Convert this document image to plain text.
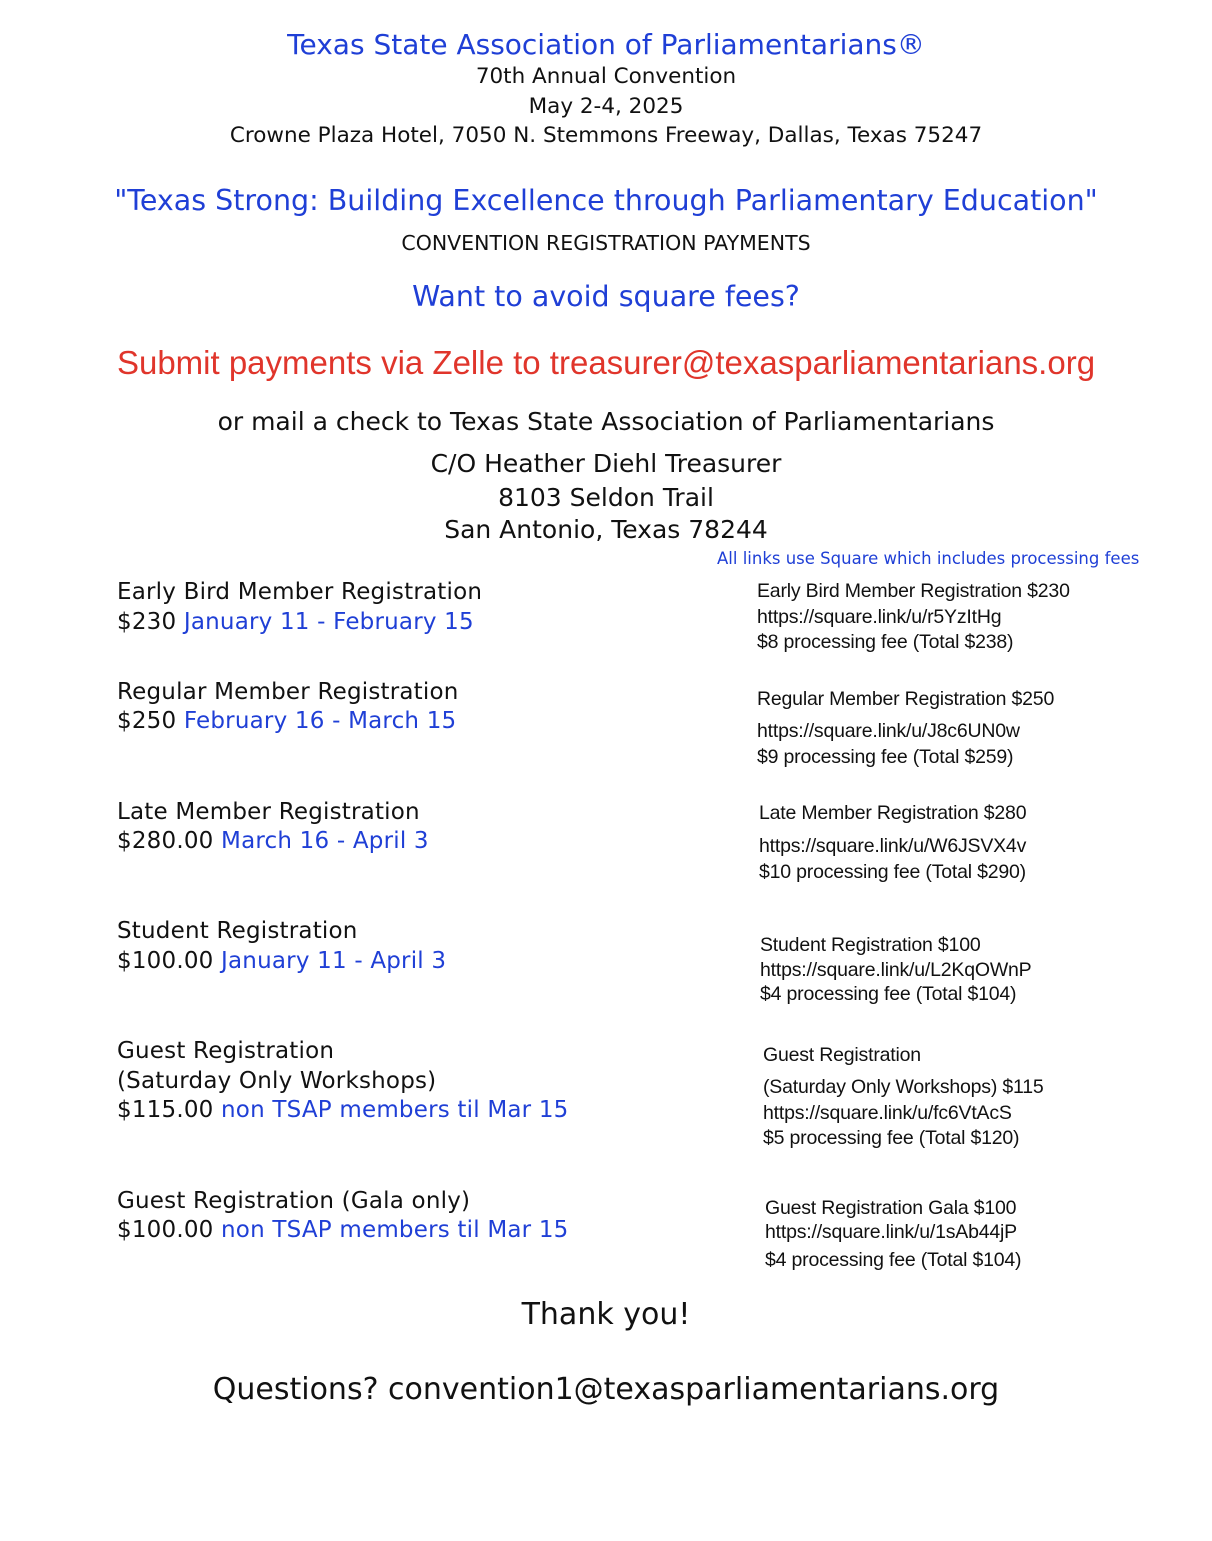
Texas State Association of Parliamentarians®
70th Annual Convention
May 2-4, 2025
Crowne Plaza Hotel, 7050 N. Stemmons Freeway, Dallas, Texas 75247
"Texas Strong: Building Excellence through Parliamentary Education"
CONVENTION REGISTRATION PAYMENTS
Want to avoid square fees?
Submit payments via Zelle to treasurer@texasparliamentarians.org
or mail a check to Texas State Association of Parliamentarians
C/O Heather Diehl Treasurer
8103 Seldon Trail
San Antonio, Texas 78244
All links use Square which includes processing fees
Early Bird Member Registration
$230 January 11 - February 15
Early Bird Member Registration $230
https://square.link/u/r5YzItHg
$8 processing fee (Total $238)
Regular Member Registration
$250 February 16 - March 15
Regular Member Registration $250
https://square.link/u/J8c6UN0w
$9 processing fee (Total $259)
Late Member Registration
$280.00 March 16 - April 3
Late Member Registration $280
https://square.link/u/W6JSVX4v
$10 processing fee (Total $290)
Student Registration
$100.00 January 11 - April 3
Student Registration $100
https://square.link/u/L2KqOWnP
$4 processing fee (Total $104)
Guest Registration
(Saturday Only Workshops)
$115.00 non TSAP members til Mar 15
Guest Registration
(Saturday Only Workshops) $115
https://square.link/u/fc6VtAcS
$5 processing fee (Total $120)
Guest Registration (Gala only)
$100.00 non TSAP members til Mar 15
Guest Registration Gala $100
https://square.link/u/1sAb44jP
$4 processing fee (Total $104)
Thank you!
Questions? convention1@texasparliamentarians.org
